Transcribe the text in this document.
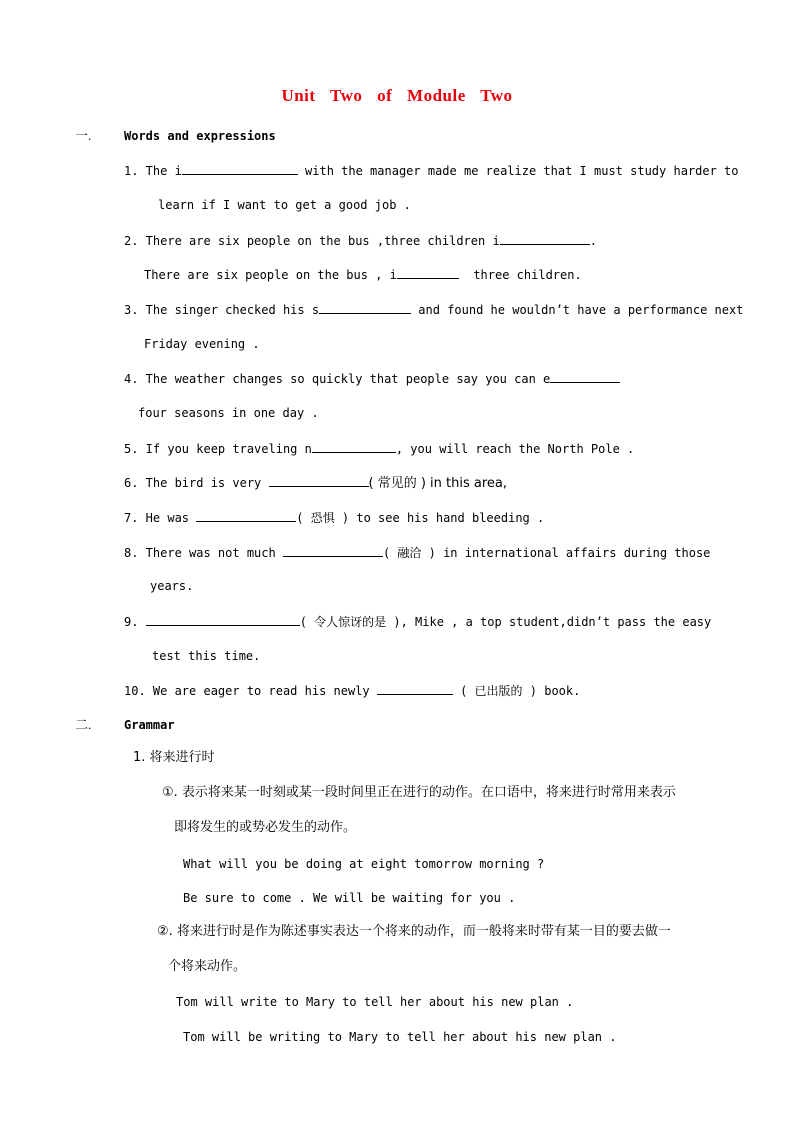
Unit Two of Module Two
一.	Words and expressions
1. The i	with the manager made me realize that I must study harder to
learn if I want to get a good job .
2. There are six people on the bus ,three children i	.
There are six people on the bus , i	three children.
3. The singer checked his s	and found he wouldn’t have a performance next
Friday evening .
4. The weather changes so quickly that people say you can e
four seasons in one day .
5. If you keep traveling n	, you will reach the North Pole .
6. The bird is very	( 常见的 ) in this area,
7. He was	( 恐惧 ) to see his hand bleeding .
8. There was not much	( 融洽 ) in international affairs during those
years.
9.	( 令人惊讶的是 ), Mike , a top student,didn’t pass the easy
test this time.
10. We are eager to read his newly	( 已出版的 ) book.
二.	Grammar
1. 将来进行时
①. 表示将来某一时刻或某一段时间里正在进行的动作。在口语中，将来进行时常用来表示
即将发生的或势必发生的动作。
What will you be doing at eight tomorrow morning ?
Be sure to come . We will be waiting for you .
②. 将来进行时是作为陈述事实表达一个将来的动作，而一般将来时带有某一目的要去做一
个将来动作。
Tom will write to Mary to tell her about his new plan .
Tom will be writing to Mary to tell her about his new plan .
